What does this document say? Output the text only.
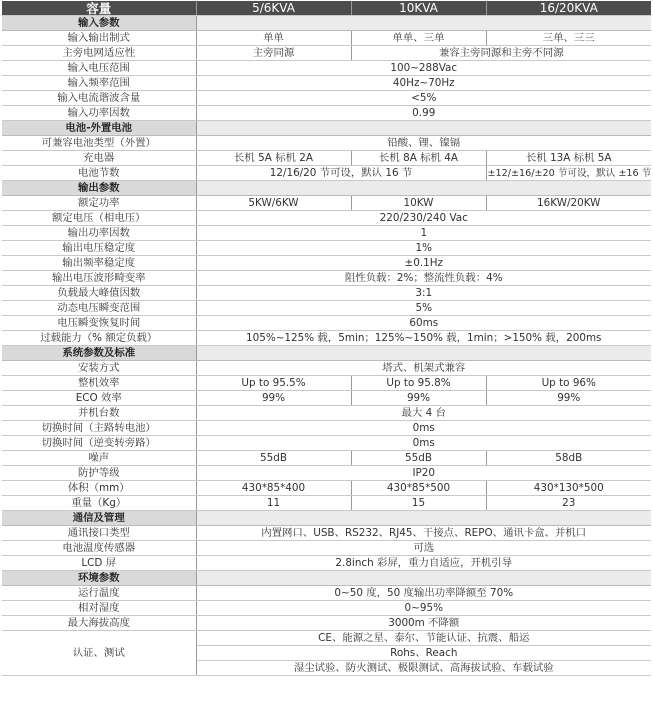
容量	5/6KVA	10KVA	16/20KVA
输入参数			
输入输出制式	单单	单单、三单	三单、三三
主旁电网适应性	主旁同源	兼容主旁同源和主旁不同源	
输入电压范围	100~288Vac		
输入频率范围	40Hz~70Hz		
输入电流谐波含量	<5%		
输入功率因数	0.99		
电池-外置电池			
可兼容电池类型（外置）	铅酸、锂、镍镉		
充电器	长机 5A 标机 2A	长机 8A 标机 4A	长机 13A 标机 5A
电池节数	12/16/20 节可设，默认 16 节		±12/±16/±20 节可设，默认 ±16 节
输出参数			
额定功率	5KW/6KW	10KW	16KW/20KW
额定电压（相电压）	220/230/240 Vac		
输出功率因数	1		
输出电压稳定度	1%		
输出频率稳定度	±0.1Hz		
输出电压波形畸变率	阻性负载：2%；整流性负载：4%		
负载最大峰值因数	3:1		
动态电压瞬变范围	5%		
电压瞬变恢复时间	60ms		
过载能力（% 额定负载）	105%~125% 载，5min；125%~150% 载，1min；>150% 载，200ms		
系统参数及标准			
安装方式	塔式、机架式兼容		
整机效率	Up to 95.5%	Up to 95.8%	Up to 96%
ECO 效率	99%	99%	99%
并机台数	最大 4 台		
切换时间（主路转电池）	0ms		
切换时间（逆变转旁路）	0ms		
噪声	55dB	55dB	58dB
防护等级	IP20		
体积（mm）	430*85*400	430*85*500	430*130*500
重量（Kg）	11	15	23
通信及管理			
通讯接口类型	内置网口、USB、RS232、RJ45、干接点、REPO、通讯卡盒、并机口		
电池温度传感器	可选		
LCD 屏	2.8inch 彩屏，重力自适应，开机引导		
环境参数			
运行温度	0~50 度，50 度输出功率降额至 70%		
相对湿度	0~95%		
最大海拔高度	3000m 不降额		
认证、测试	CE、能源之星、泰尔、节能认证、抗震、船运		
	Rohs、Reach		
	湿尘试验、防火测试、极限测试、高海拔试验、车载试验		
